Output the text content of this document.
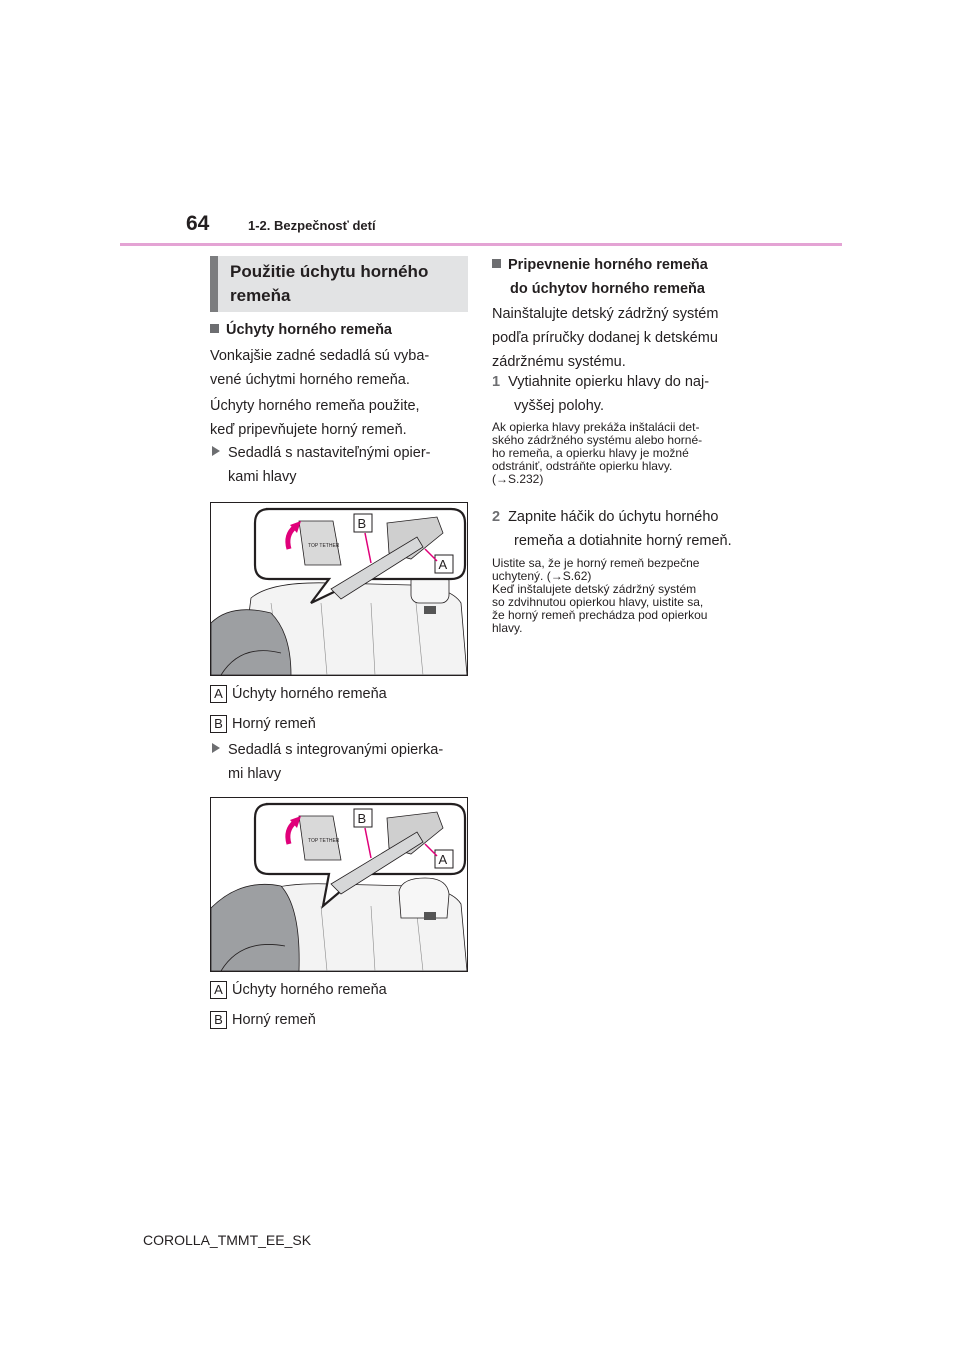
64	1-2. Bezpečnosť detí
Použitie úchytu horného
remeňa
Úchyty horného remeňa
Vonkajšie zadné sedadlá sú vyba-
vené úchytmi horného remeňa.
Úchyty horného remeňa použite,
keď pripevňujete horný remeň.
Sedadlá s nastaviteľnými opier-
kami hlavy
TOP TETHER
B
A
A Úchyty horného remeňa
B Horný remeň
Sedadlá s integrovanými opierka-
mi hlavy
TOP TETHER
B
A
A Úchyty horného remeňa
B Horný remeň
Pripevnenie horného remeňa
do úchytov horného remeňa
Nainštalujte detský zádržný systém
podľa príručky dodanej k detskému
zádržnému systému.
1 Vytiahnite opierku hlavy do naj-
vyššej polohy.
Ak opierka hlavy prekáža inštalácii det-
ského zádržného systému alebo horné-
ho remeňa, a opierku hlavy je možné
odstrániť, odstráňte opierku hlavy.
(→S.232)
2 Zapnite háčik do úchytu horného
remeňa a dotiahnite horný remeň.
Uistite sa, že je horný remeň bezpečne
uchytený. (→S.62)
Keď inštalujete detský zádržný systém
so zdvihnutou opierkou hlavy, uistite sa,
že horný remeň prechádza pod opierkou
hlavy.
COROLLA_TMMT_EE_SK
